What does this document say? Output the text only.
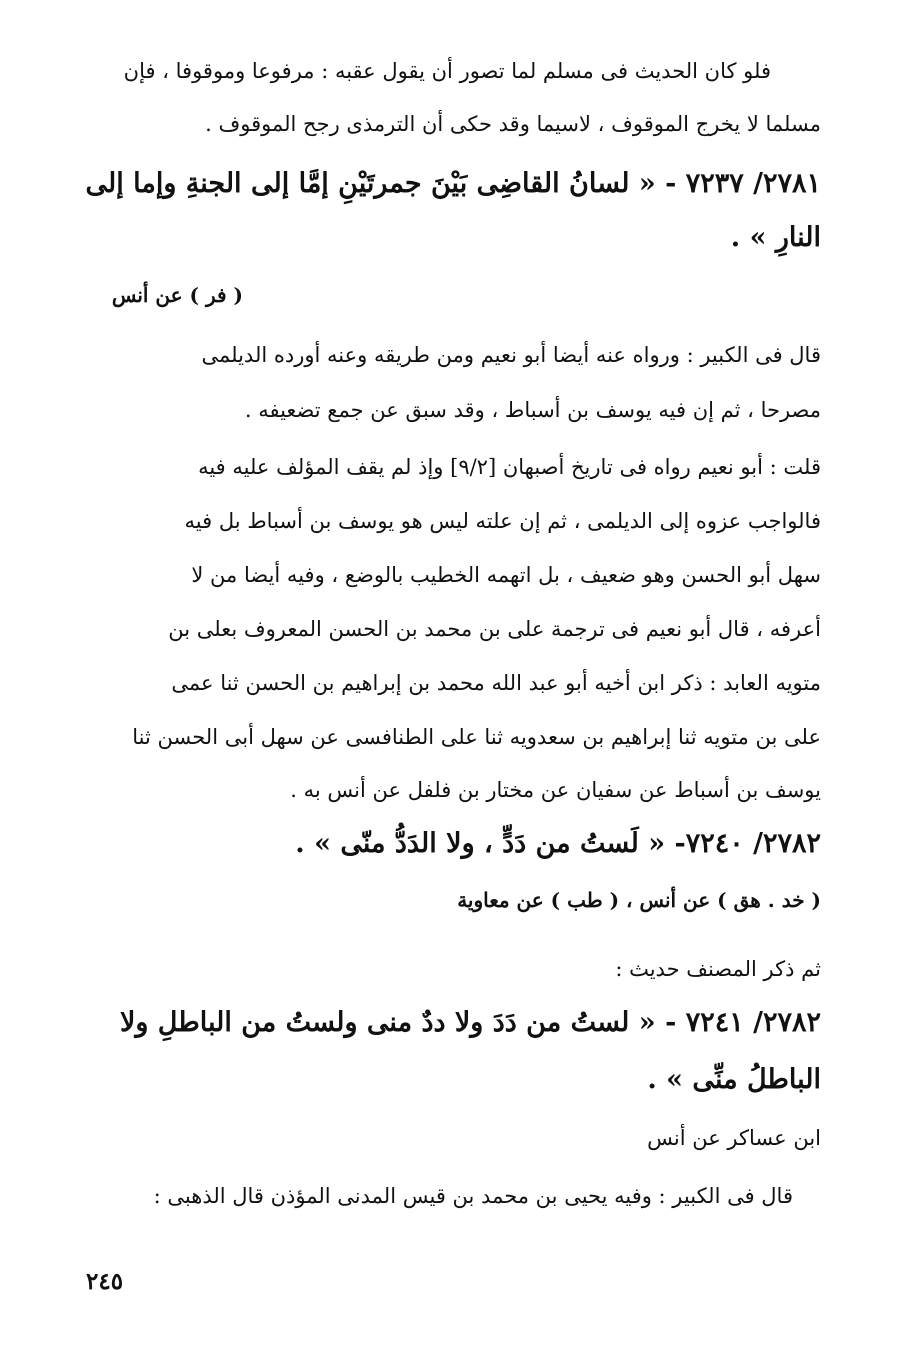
فلو كان الحديث فى مسلم لما تصور أن يقول عقبه : مرفوعا وموقوفا ، فإن
مسلما لا يخرج الموقوف ، لاسيما وقد حكى أن الترمذى رجح الموقوف .
٢٧٨١/ ٧٢٣٧ - « لسانُ القاضِى بَيْنَ جمرتَيْنِ إمَّا إلى الجنةِ وإما إلى
النارِ » .
( فر ) عن أنس
قال فى الكبير : ورواه عنه أيضا أبو نعيم ومن طريقه وعنه أورده الديلمى
مصرحا ، ثم إن فيه يوسف بن أسباط ، وقد سبق عن جمع تضعيفه .
قلت : أبو نعيم رواه فى تاريخ أصبهان [٩/٢] وإذ لم يقف المؤلف عليه فيه
فالواجب عزوه إلى الديلمى ، ثم إن علته ليس هو يوسف بن أسباط بل فيه
سهل أبو الحسن وهو ضعيف ، بل اتهمه الخطيب بالوضع ، وفيه أيضا من لا
أعرفه ، قال أبو نعيم فى ترجمة على بن محمد بن الحسن المعروف بعلى بن
متويه العابد : ذكر ابن أخيه أبو عبد الله محمد بن إبراهيم بن الحسن ثنا عمى
على بن متويه ثنا إبراهيم بن سعدويه ثنا على الطنافسى عن سهل أبى الحسن ثنا
يوسف بن أسباط عن سفيان عن مختار بن فلفل عن أنس به .
٢٧٨٢/ ٧٢٤٠- « لَستُ من دَدٍّ ، ولا الدَدُّ منّى » .
( خد . هق ) عن أنس ، ( طب ) عن معاوية
ثم ذكر المصنف حديث :
٢٧٨٢/ ٧٢٤١ - « لستُ من دَدَ ولا ددٌ منى ولستُ من الباطلِ ولا
الباطلُ منِّى » .
ابن عساكر عن أنس
قال فى الكبير : وفيه يحيى بن محمد بن قيس المدنى المؤذن قال الذهبى :
٢٤٥
